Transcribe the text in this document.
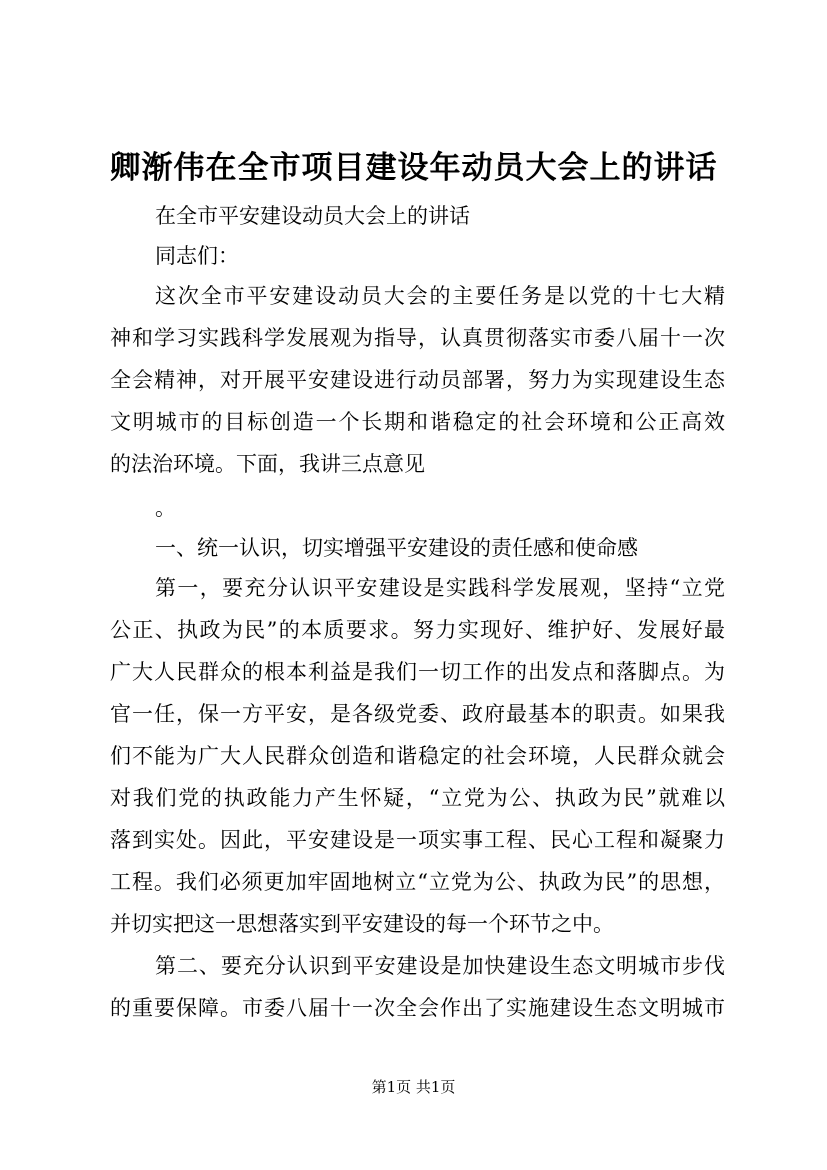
卿渐伟在全市项目建设年动员大会上的讲话
在全市平安建设动员大会上的讲话
同志们：
这次全市平安建设动员大会的主要任务是以党的十七大精
神和学习实践科学发展观为指导，认真贯彻落实市委八届十一次
全会精神，对开展平安建设进行动员部署，努力为实现建设生态
文明城市的目标创造一个长期和谐稳定的社会环境和公正高效
的法治环境。下面，我讲三点意见
。
一、统一认识，切实增强平安建设的责任感和使命感
第一，要充分认识平安建设是实践科学发展观，坚持“立党
公正、执政为民”的本质要求。努力实现好、维护好、发展好最
广大人民群众的根本利益是我们一切工作的出发点和落脚点。为
官一任，保一方平安，是各级党委、政府最基本的职责。如果我
们不能为广大人民群众创造和谐稳定的社会环境，人民群众就会
对我们党的执政能力产生怀疑，“立党为公、执政为民”就难以
落到实处。因此，平安建设是一项实事工程、民心工程和凝聚力
工程。我们必须更加牢固地树立“立党为公、执政为民”的思想，
并切实把这一思想落实到平安建设的每一个环节之中。
第二、要充分认识到平安建设是加快建设生态文明城市步伐
的重要保障。市委八届十一次全会作出了实施建设生态文明城市
第1页 共1页
